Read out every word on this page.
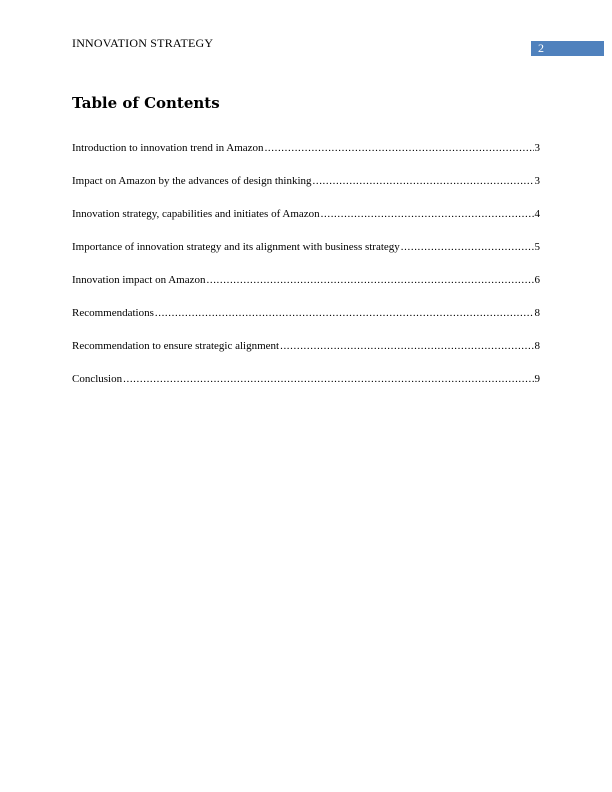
INNOVATION STRATEGY	2
Table of Contents
Introduction to innovation trend in Amazon .....	3
Impact on Amazon by the advances of design thinking .....	3
Innovation strategy, capabilities and initiates of Amazon .....	4
Importance of innovation strategy and its alignment with business strategy .....	5
Innovation impact on Amazon .....	6
Recommendations .....	8
Recommendation to ensure strategic alignment .....	8
Conclusion .....	9
